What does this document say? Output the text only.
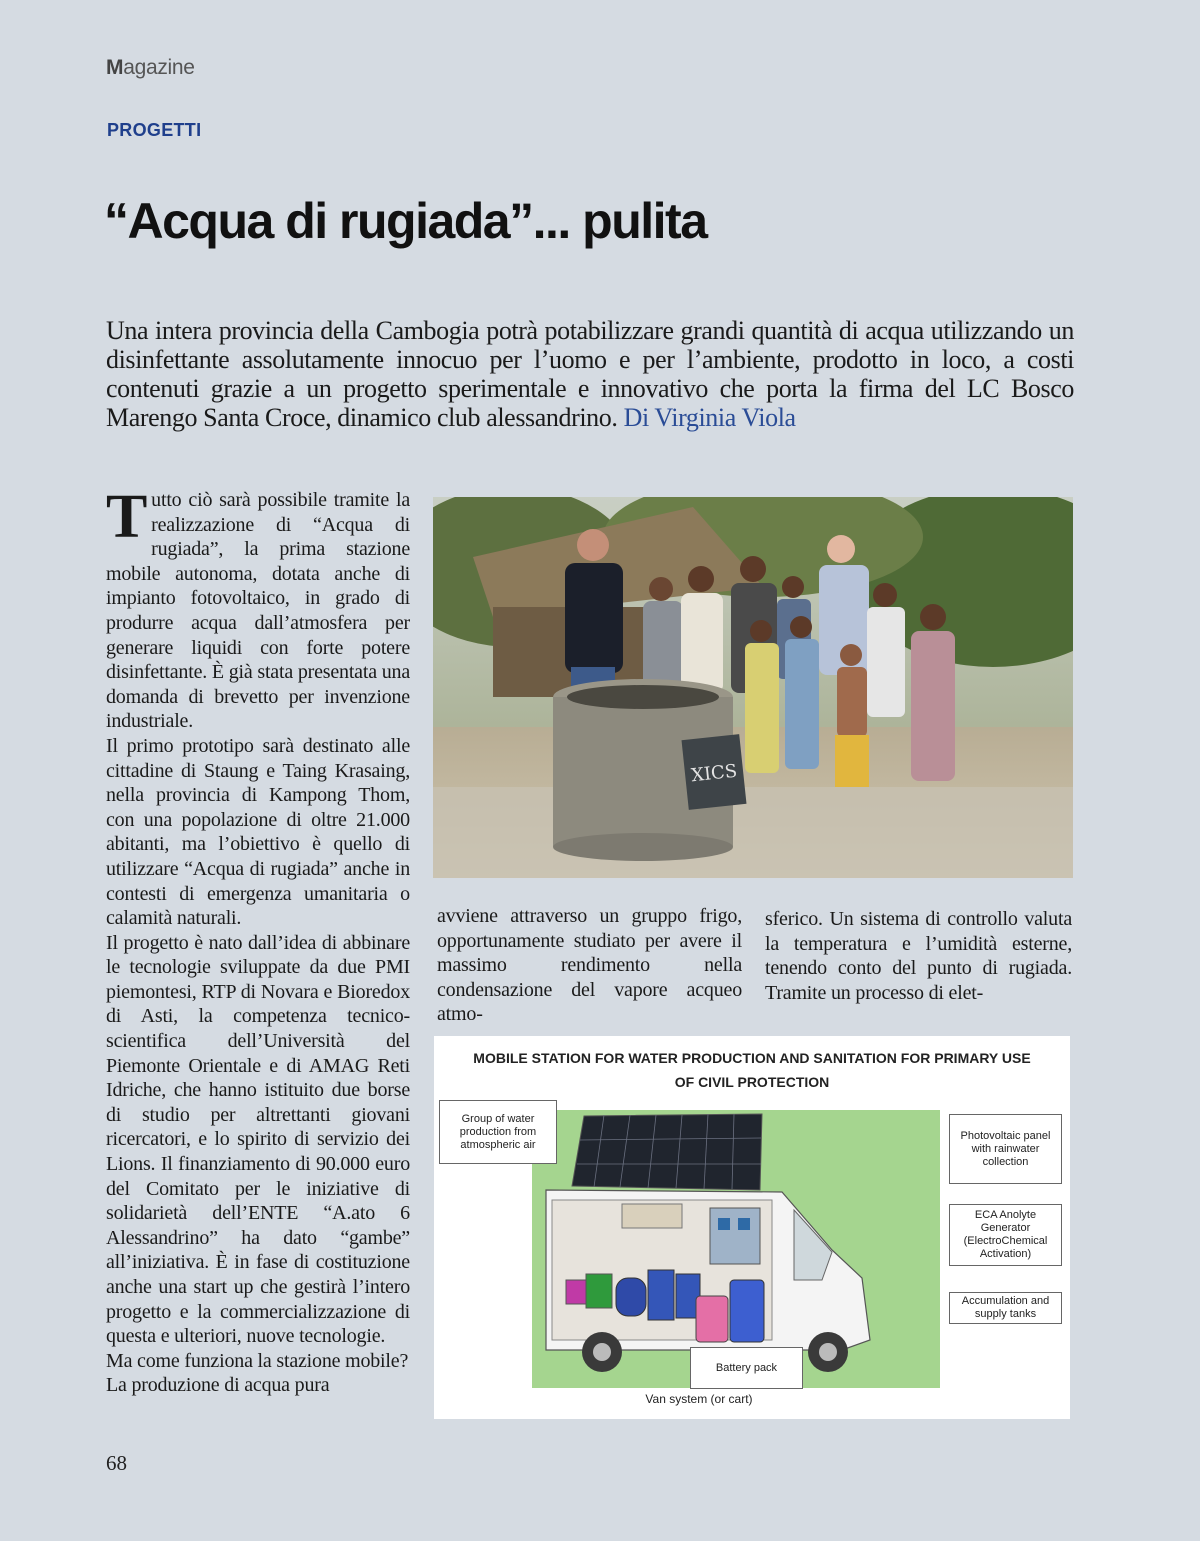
Magazine
PROGETTI
“Acqua di rugiada”... pulita

Una intera provincia della Cambogia potrà potabilizzare grandi quantità di acqua utilizzando un disinfettante assolutamente innocuo per l’uomo e per l’ambiente, prodotto in loco, a costi contenuti grazie a un progetto sperimentale e innovativo che porta la firma del LC Bosco Marengo Santa Croce, dinamico club alessandrino. Di Virginia Viola

Tutto ciò sarà possibile tramite la realizzazione di “Acqua di rugiada”, la prima stazione mobile autonoma, dotata anche di impianto fotovoltaico, in grado di produrre acqua dall’atmosfera per generare liquidi con forte potere disinfettante. È già stata presentata una domanda di brevetto per invenzione industriale.

Il primo prototipo sarà destinato alle cittadine di Staung e Taing Krasaing, nella provincia di Kampong Thom, con una popolazione di oltre 21.000 abitanti, ma l’obiettivo è quello di utilizzare “Acqua di rugiada” anche in contesti di emergenza umanitaria o calamità naturali.

Il progetto è nato dall’idea di abbinare le tecnologie sviluppate da due PMI piemontesi, RTP di Novara e Bioredox di Asti, la competenza tecnico-scientifica dell’Università del Piemonte Orientale e di AMAG Reti Idriche, che hanno istituito due borse di studio per altrettanti giovani ricercatori, e lo spirito di servizio dei Lions. Il finanziamento di 90.000 euro del Comitato per le iniziative di solidarietà dell’ENTE “A.ato 6 Alessandrino” ha dato “gambe” all’iniziativa. È in fase di costituzione anche una start up che gestirà l’intero progetto e la commercializzazione di questa e ulteriori, nuove tecnologie.

Ma come funziona la stazione mobile?

La produzione di acqua pura

XICS

avviene attraverso un gruppo frigo, opportunamente studiato per avere il massimo rendimento nella condensazione del vapore acqueo atmo-

sferico. Un sistema di controllo valuta la temperatura e l’umidità esterne, tenendo conto del punto di rugiada. Tramite un processo di elet-

MOBILE STATION FOR WATER PRODUCTION AND SANITATION FOR PRIMARY USE
OF CIVIL PROTECTION
Group of water production from atmospheric air
Photovoltaic panel with rainwater collection
ECA Anolyte Generator (ElectroChemical Activation)
Accumulation and supply tanks
Battery pack
Van system (or cart)
68
